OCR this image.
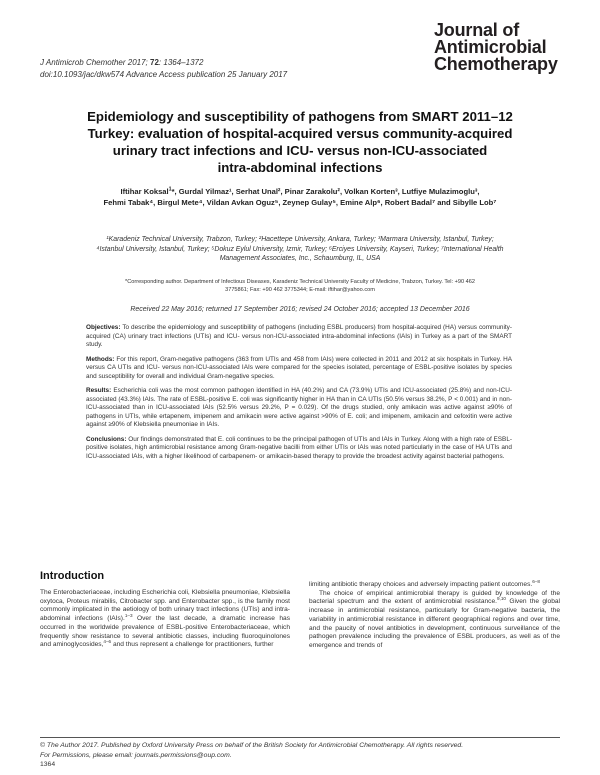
J Antimicrob Chemother 2017; 72: 1364–1372
doi:10.1093/jac/dkw574 Advance Access publication 25 January 2017
Journal of
Antimicrobial
Chemotherapy
Epidemiology and susceptibility of pathogens from SMART 2011–12
Turkey: evaluation of hospital-acquired versus community-acquired
urinary tract infections and ICU- versus non-ICU-associated
intra-abdominal infections
Iftihar Koksal$^1$*, Gurdal Yilmaz¹, Serhat Unal², Pinar Zarakolu², Volkan Korten³, Lutfiye Mulazimoglu³,
Fehmi Tabak⁴, Birgul Mete⁴, Vildan Avkan Oguz⁵, Zeynep Gulay⁵, Emine Alp⁶, Robert Badal⁷ and Sibylle Lob⁷
¹Karadeniz Technical University, Trabzon, Turkey; ²Hacettepe University, Ankara, Turkey; ³Marmara University, Istanbul, Turkey;
⁴Istanbul University, Istanbul, Turkey; ⁵Dokuz Eylul University, Izmir, Turkey; ⁶Erciyes University, Kayseri, Turkey; ⁷International Health
Management Associates, Inc., Schaumburg, IL, USA
*Corresponding author. Department of Infectious Diseases, Karadeniz Technical University Faculty of Medicine, Trabzon, Turkey. Tel: +90 462
3775861; Fax: +90 462 3775344; E-mail: iftihar@yahoo.com
Received 22 May 2016; returned 17 September 2016; revised 24 October 2016; accepted 13 December 2016

Objectives: To describe the epidemiology and susceptibility of pathogens (including ESBL producers) from hospital-acquired (HA) versus community-acquired (CA) urinary tract infections (UTIs) and ICU- versus non-ICU-associated intra-abdominal infections (IAIs) in Turkey as a part of the SMART study.

Methods: For this report, Gram-negative pathogens (363 from UTIs and 458 from IAIs) were collected in 2011 and 2012 at six hospitals in Turkey. HA versus CA UTIs and ICU- versus non-ICU-associated IAIs were compared for the species isolated, percentage of ESBL-positive isolates by species and susceptibility for overall and individual Gram-negative species.

Results: Escherichia coli was the most common pathogen identified in HA (40.2%) and CA (73.9%) UTIs and ICU-associated (25.8%) and non-ICU-associated (43.3%) IAIs. The rate of ESBL-positive E. coli was significantly higher in HA than in CA UTIs (50.5% versus 38.2%, P < 0.001) and in non-ICU-associated than in ICU-associated IAIs (52.5% versus 29.2%, P = 0.029). Of the drugs studied, only amikacin was active against ≥90% of pathogens in UTIs, while ertapenem, imipenem and amikacin were active against >90% of E. coli; and imipenem, amikacin and cefoxitin were active against ≥90% of Klebsiella pneumoniae in IAIs.

Conclusions: Our findings demonstrated that E. coli continues to be the principal pathogen of UTIs and IAIs in Turkey. Along with a high rate of ESBL-positive isolates, high antimicrobial resistance among Gram-negative bacilli from either UTIs or IAIs was noted particularly in the case of HA UTIs and ICU-associated IAIs, with a higher likelihood of carbapenem- or amikacin-based therapy to provide the broadest activity against bacterial pathogens.

Introduction

The Enterobacteriaceae, including Escherichia coli, Klebsiella pneumoniae, Klebsiella oxytoca, Proteus mirabilis, Citrobacter spp. and Enterobacter spp., is the family most commonly implicated in the aetiology of both urinary tract infections (UTIs) and intra-abdominal infections (IAIs).$^{1-3}$ Over the last decade, a dramatic increase has occurred in the worldwide prevalence of ESBL-positive Enterobacteriaceae, which frequently show resistance to several antibiotic classes, including fluoroquinolones and aminoglycosides,$^{4-6}$ and thus represent a challenge for practitioners, further

limiting antibiotic therapy choices and adversely impacting patient outcomes.$^{6-8}$

The choice of empirical antimicrobial therapy is guided by knowledge of the bacterial spectrum and the extent of antimicrobial resistance.$^{9,10}$ Given the global increase in antimicrobial resistance, particularly for Gram-negative bacteria, the variability in antimicrobial resistance in different geographical regions and over time, and the paucity of novel antibiotics in development, continuous surveillance of the pathogen prevalence including the prevalence of ESBL producers, as well as of the emergence and trends of

© The Author 2017. Published by Oxford University Press on behalf of the British Society for Antimicrobial Chemotherapy. All rights reserved.
For Permissions, please email: journals.permissions@oup.com.
1364
